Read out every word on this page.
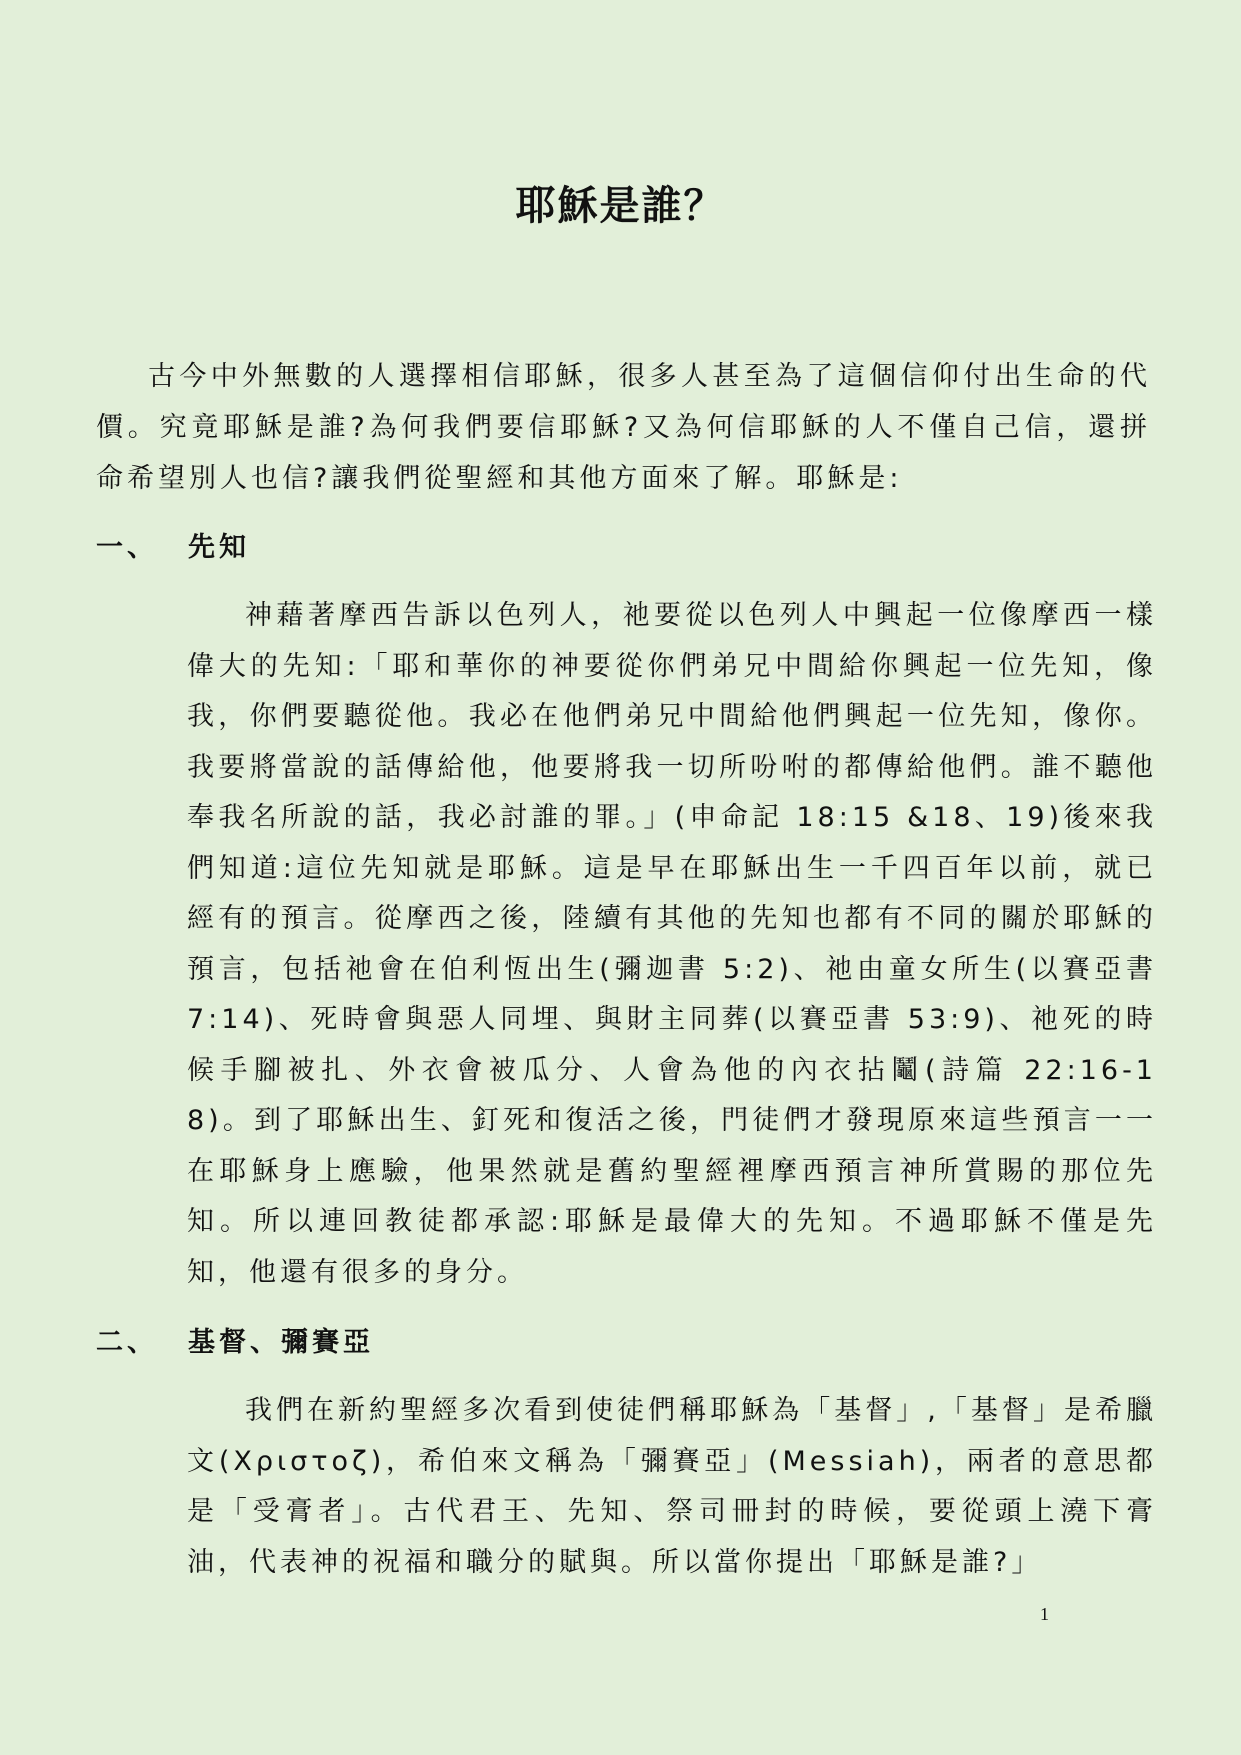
耶穌是誰？
古今中外無數的人選擇相信耶穌，很多人甚至為了這個信仰付出生命的代價。究竟耶穌是誰?為何我們要信耶穌?又為何信耶穌的人不僅自己信，還拼命希望別人也信?讓我們從聖經和其他方面來了解。耶穌是:
一、 先知
神藉著摩西告訴以色列人，祂要從以色列人中興起一位像摩西一樣偉大的先知:「耶和華你的神要從你們弟兄中間給你興起一位先知，像我，你們要聽從他。我必在他們弟兄中間給他們興起一位先知，像你。我要將當說的話傳給他，他要將我一切所吩咐的都傳給他們。誰不聽他奉我名所說的話，我必討誰的罪。」(申命記 18:15 &18、19)後來我們知道:這位先知就是耶穌。這是早在耶穌出生一千四百年以前，就已經有的預言。從摩西之後，陸續有其他的先知也都有不同的關於耶穌的預言，包括祂會在伯利恆出生(彌迦書 5:2)、祂由童女所生(以賽亞書 7:14)、死時會與惡人同埋、與財主同葬(以賽亞書 53:9)、祂死的時候手腳被扎、外衣會被瓜分、人會為他的內衣拈鬮(詩篇 22:16-18)。到了耶穌出生、釘死和復活之後，門徒們才發現原來這些預言一一在耶穌身上應驗，他果然就是舊約聖經裡摩西預言神所賞賜的那位先知。所以連回教徒都承認:耶穌是最偉大的先知。不過耶穌不僅是先知，他還有很多的身分。
二、 基督、彌賽亞
我們在新約聖經多次看到使徒們稱耶穌為「基督」,「基督」是希臘文(Χριστοζ)，希伯來文稱為「彌賽亞」(Messiah)，兩者的意思都是「受膏者」。古代君王、先知、祭司冊封的時候，要從頭上澆下膏油，代表神的祝福和職分的賦與。所以當你提出「耶穌是誰?」
1
